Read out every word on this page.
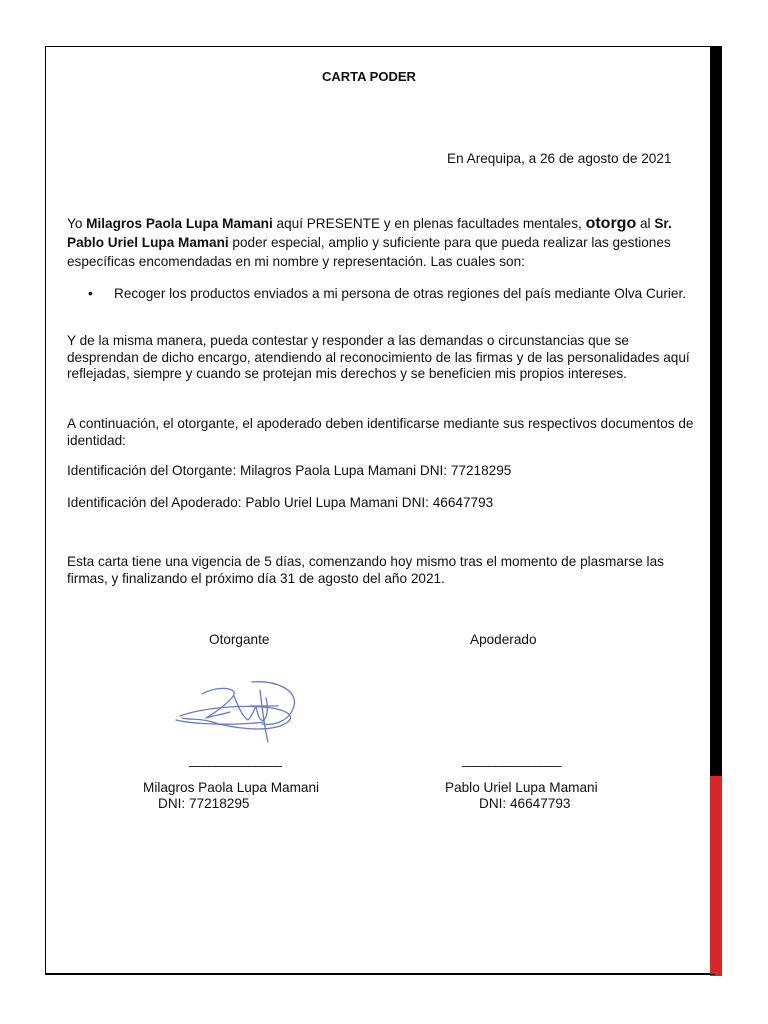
CARTA PODER
En Arequipa, a 26 de agosto de 2021
Yo Milagros Paola Lupa Mamani aquí PRESENTE y en plenas facultades mentales, otorgo al Sr. Pablo Uriel Lupa Mamani poder especial, amplio y suficiente para que pueda realizar las gestiones específicas encomendadas en mi nombre y representación. Las cuales son:
• Recoger los productos enviados a mi persona de otras regiones del país mediante Olva Curier.
Y de la misma manera, pueda contestar y responder a las demandas o circunstancias que se desprendan de dicho encargo, atendiendo al reconocimiento de las firmas y de las personalidades aquí reflejadas, siempre y cuando se protejan mis derechos y se beneficien mis propios intereses.
A continuación, el otorgante, el apoderado deben identificarse mediante sus respectivos documentos de identidad:
Identificación del Otorgante: Milagros Paola Lupa Mamani DNI: 77218295
Identificación del Apoderado: Pablo Uriel Lupa Mamani DNI: 46647793
Esta carta tiene una vigencia de 5 días, comenzando hoy mismo tras el momento de plasmarse las firmas, y finalizando el próximo día 31 de agosto del año 2021.
Otorgante	Apoderado
______________	_______________
Milagros Paola Lupa Mamani	Pablo Uriel Lupa Mamani
DNI: 77218295	DNI: 46647793
